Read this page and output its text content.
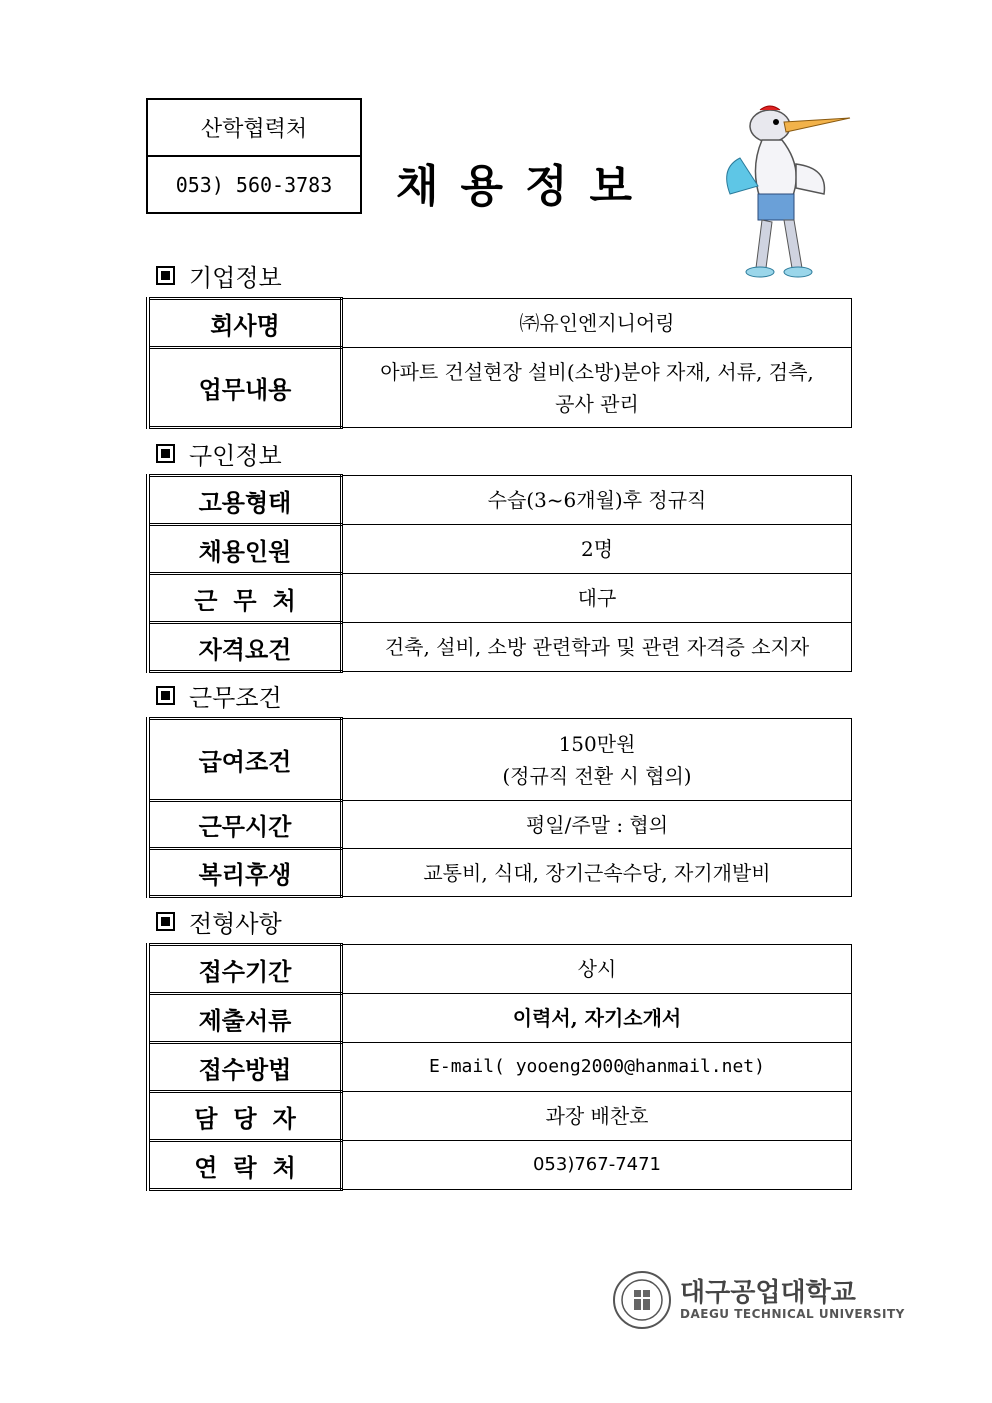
산학협력처
053) 560-3783	채용정보
기업정보
회사명	㈜유인엔지니어링
업무내용	아파트 건설현장 설비(소방)분야 자재, 서류, 검측,
공사 관리
구인정보
고용형태	수습(3~6개월)후 정규직
채용인원	2명
근무처	대구
자격요건	건축, 설비, 소방 관련학과 및 관련 자격증 소지자
근무조건
급여조건	150만원
(정규직 전환 시 협의)

근무시간	평일/주말 : 협의
복리후생	교통비, 식대, 장기근속수당, 자기개발비
전형사항
접수기간	상시
제출서류	이력서, 자기소개서
접수방법	E-mail( yooeng2000@hanmail.net)
담당자	과장 배찬호
연락처	053)767-7471
대구공업대학교
DAEGU TECHNICAL UNIVERSITY
